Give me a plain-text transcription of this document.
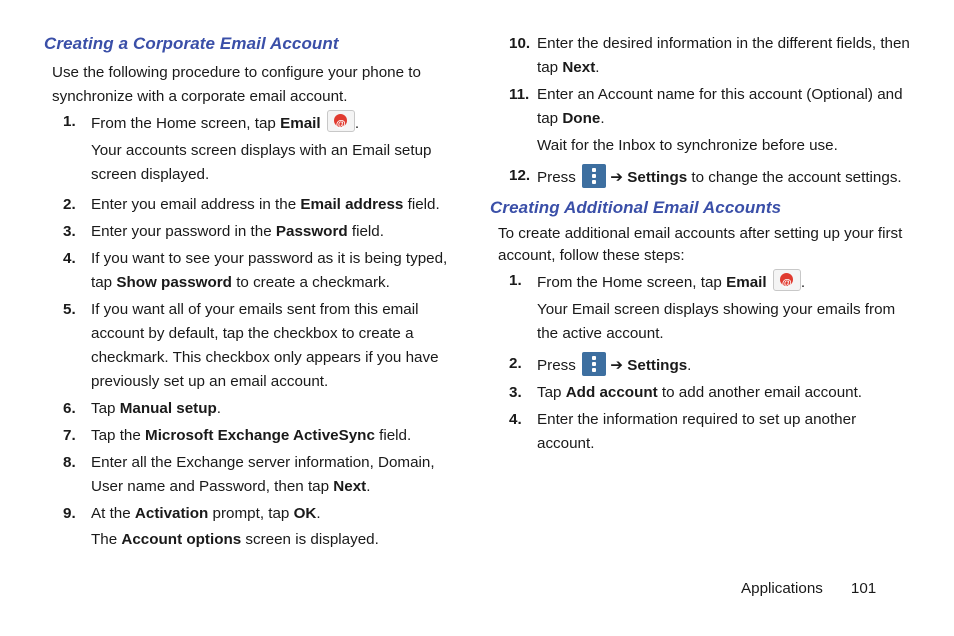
Creating a Corporate Email Account

Use the following procedure to configure your phone to synchronize with a corporate email account.

1. From the Home screen, tap Email @ .

Your accounts screen displays with an Email setup screen displayed.

2. Enter you email address in the Email address field.

3. Enter your password in the Password field.

4. If you want to see your password as it is being typed, tap Show password to create a checkmark.

5. If you want all of your emails sent from this email account by default, tap the checkbox to create a checkmark. This checkbox only appears if you have previously set up an email account.

6. Tap Manual setup.

7. Tap the Microsoft Exchange ActiveSync field.

8. Enter all the Exchange server information, Domain, User name and Password, then tap Next.

9. At the Activation prompt, tap OK.

The Account options screen is displayed.

10. Enter the desired information in the different fields, then tap Next.

11. Enter an Account name for this account (Optional) and tap Done.

Wait for the Inbox to synchronize before use.

12. Press
➔ Settings to change the account settings.

Creating Additional Email Accounts

To create additional email accounts after setting up your first account, follow these steps:

1. From the Home screen, tap Email @ .

Your Email screen displays showing your emails from the active account.

2. Press
➔ Settings.

3. Tap Add account to add another email account.

4. Enter the information required to set up another account.

Applications 101
